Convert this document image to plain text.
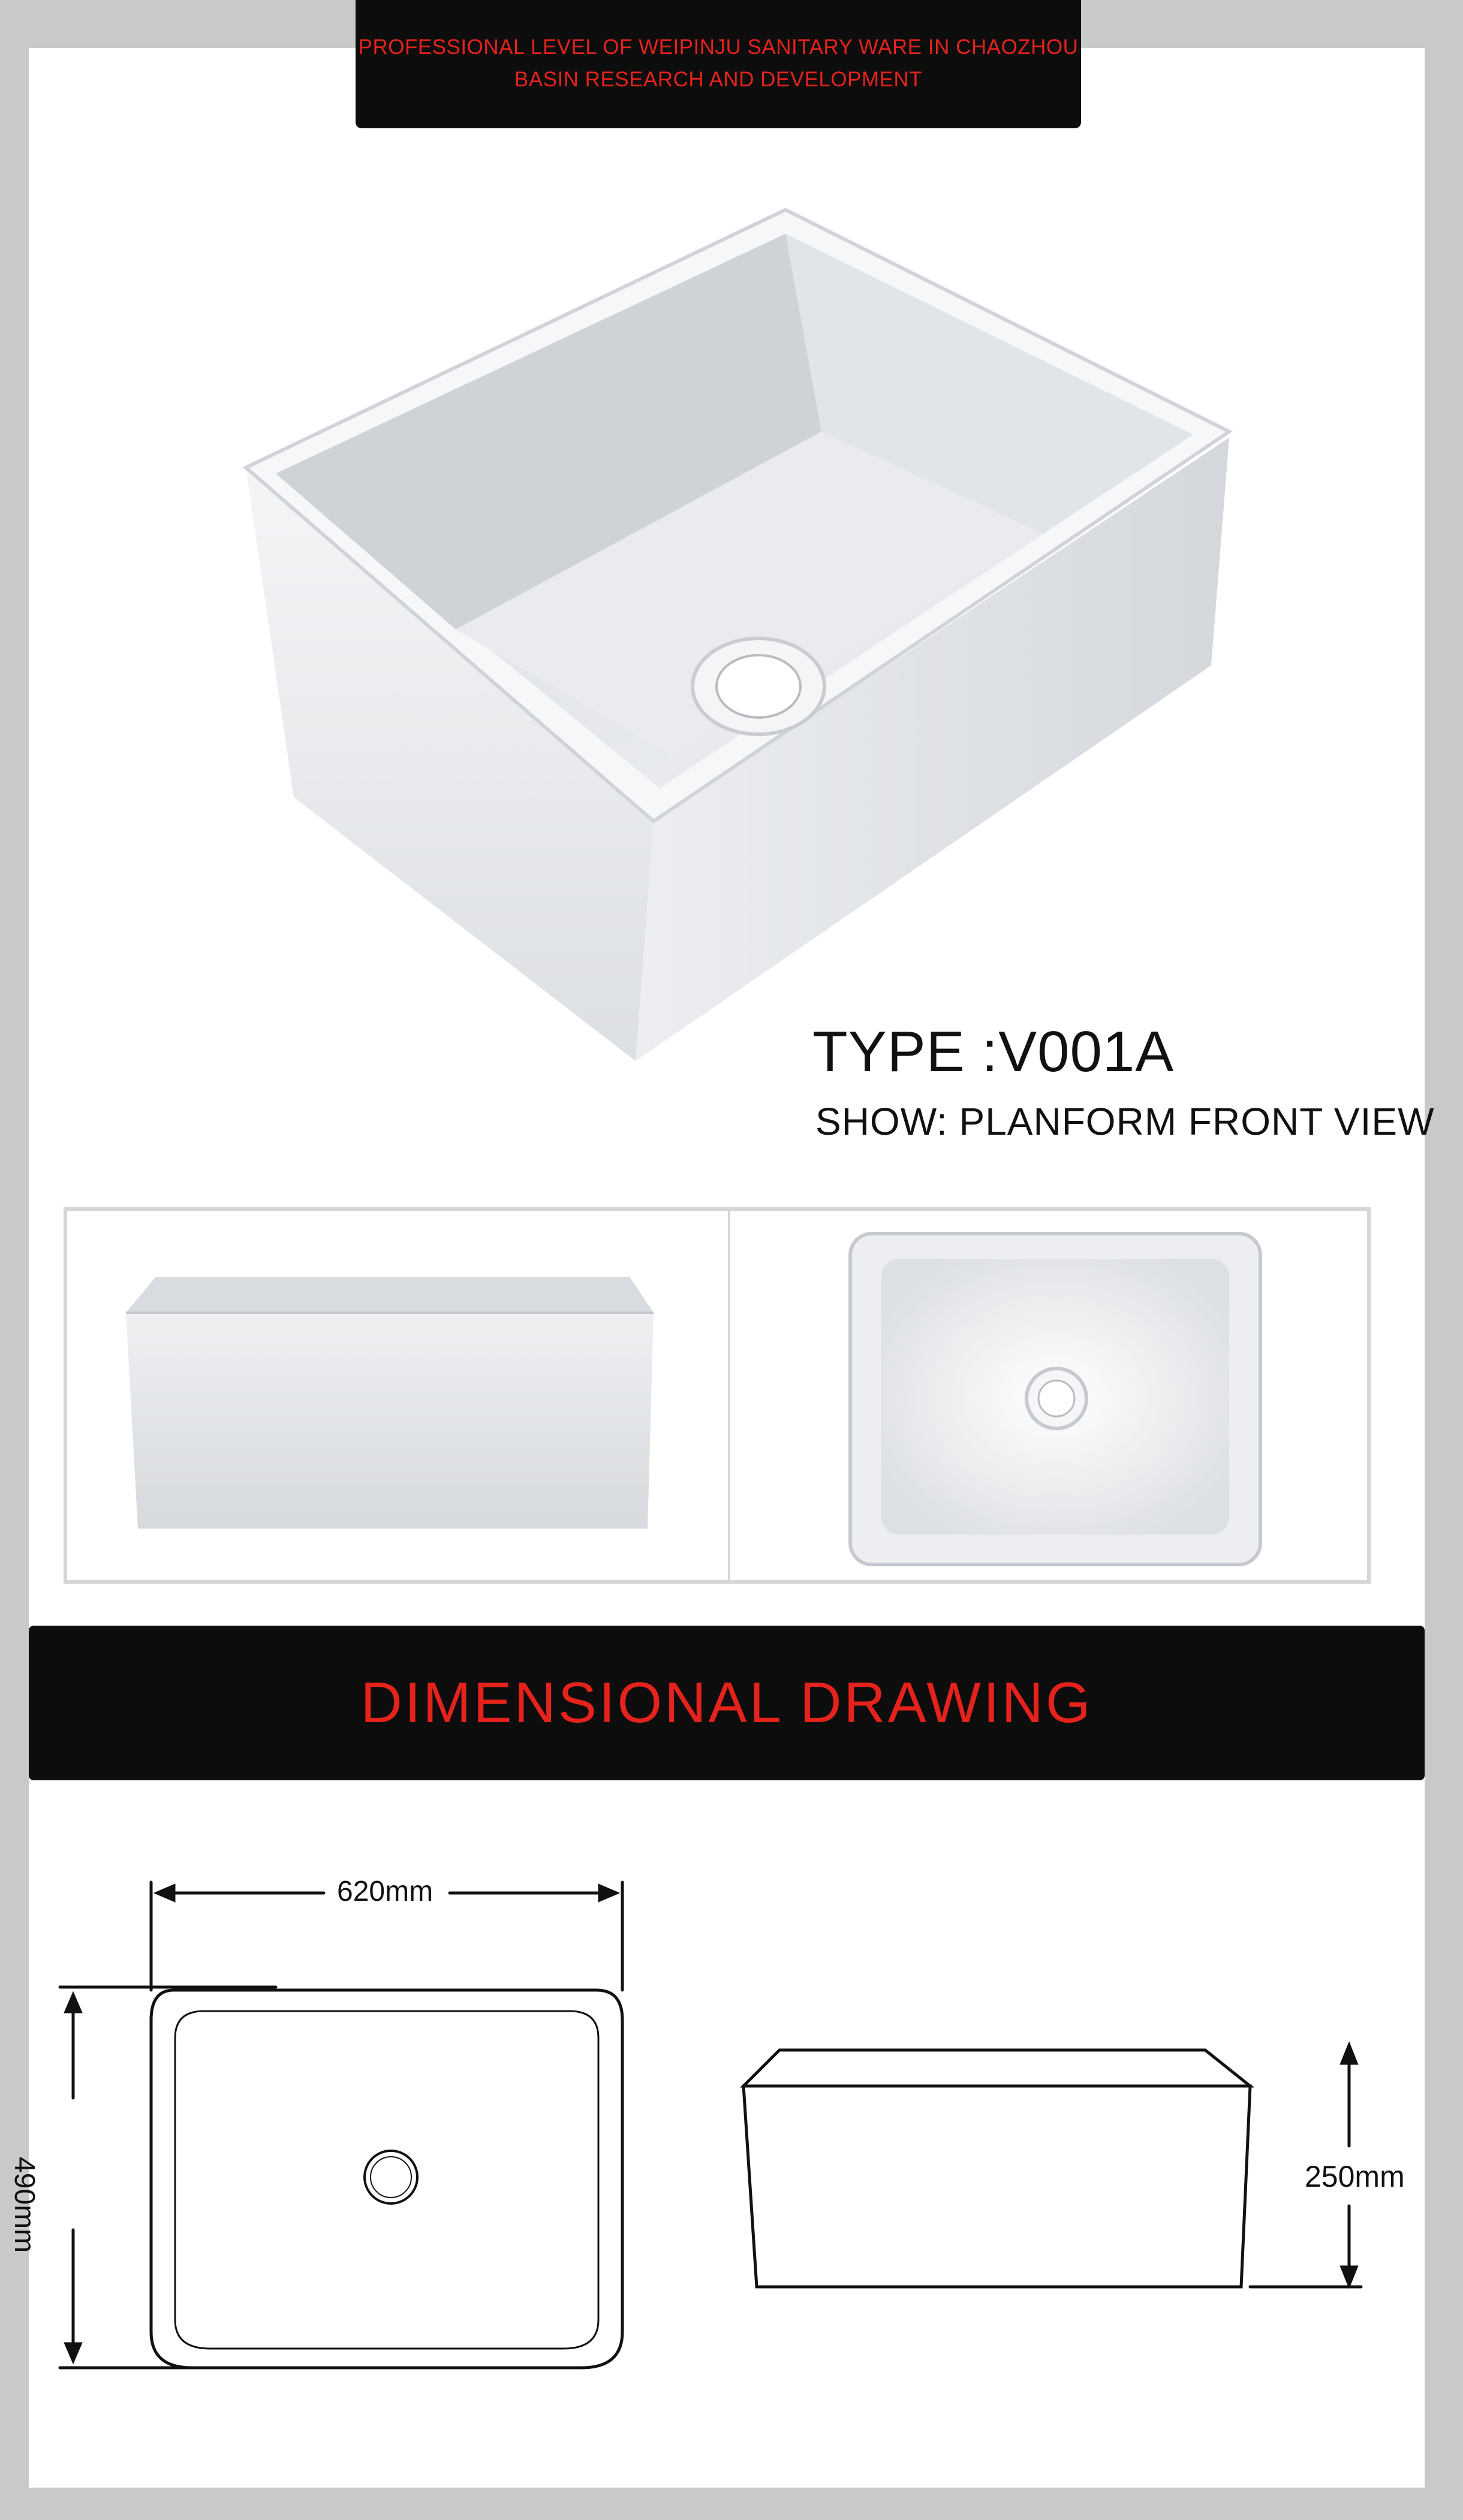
PROFESSIONAL LEVEL OF WEIPINJU SANITARY WARE IN CHAOZHOU
BASIN RESEARCH AND DEVELOPMENT
TYPE :V001A
SHOW: PLANFORM FRONT VIEW
DIMENSIONAL DRAWING
620mm
490mm	250mm
